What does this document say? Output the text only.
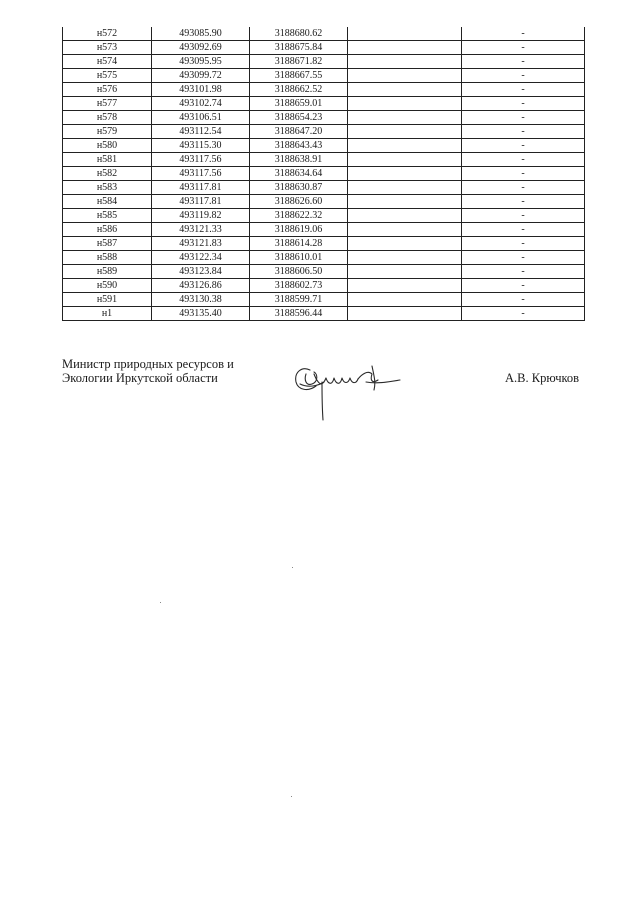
н572	493085.90	3188680.62		-
н573	493092.69	3188675.84		-
н574	493095.95	3188671.82		-
н575	493099.72	3188667.55		-
н576	493101.98	3188662.52		-
н577	493102.74	3188659.01		-
н578	493106.51	3188654.23		-
н579	493112.54	3188647.20		-
н580	493115.30	3188643.43		-
н581	493117.56	3188638.91		-
н582	493117.56	3188634.64		-
н583	493117.81	3188630.87		-
н584	493117.81	3188626.60		-
н585	493119.82	3188622.32		-
н586	493121.33	3188619.06		-
н587	493121.83	3188614.28		-
н588	493122.34	3188610.01		-
н589	493123.84	3188606.50		-
н590	493126.86	3188602.73		-
н591	493130.38	3188599.71		-
н1	493135.40	3188596.44		-
Министр природных ресурсов и
Экологии Иркутской области	А.В. Крючков
